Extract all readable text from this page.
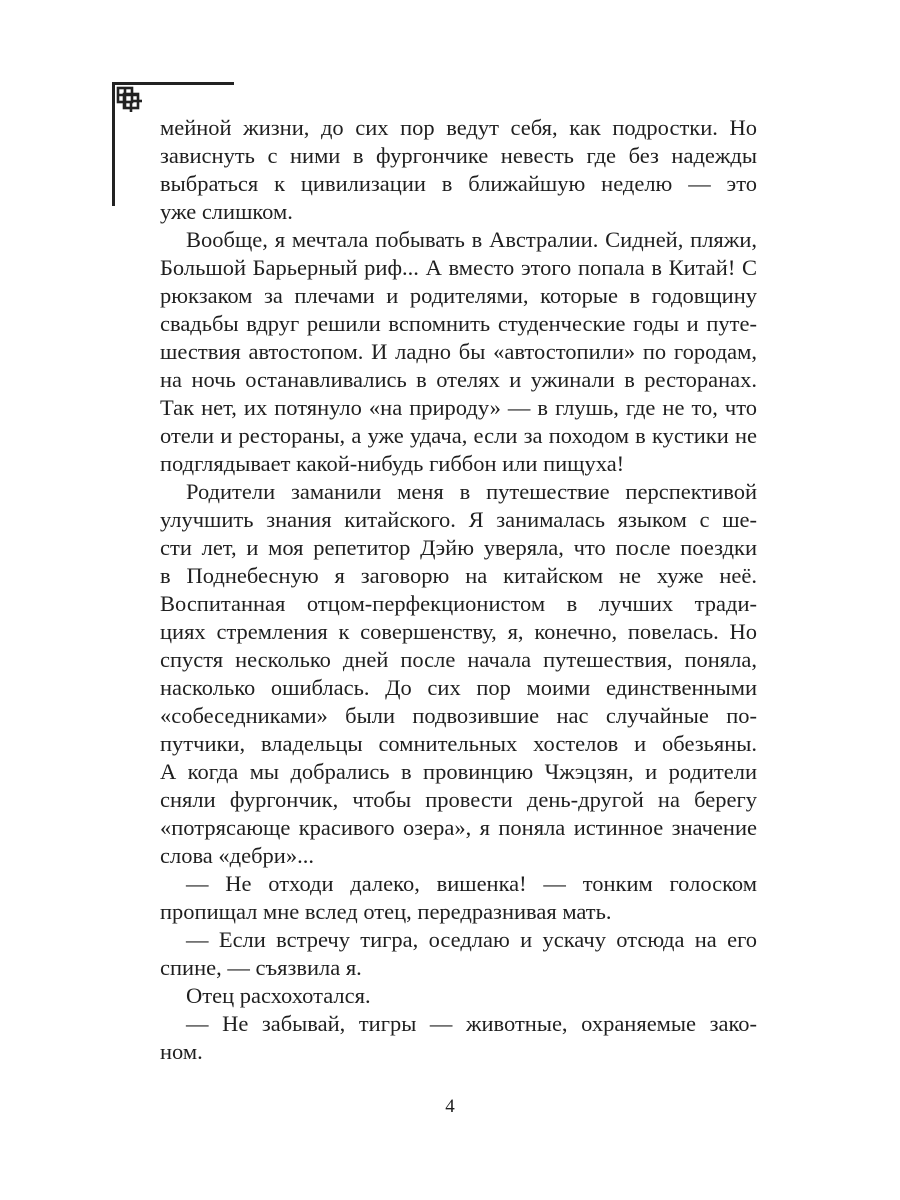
мейной жизни, до сих пор ведут себя, как подростки. Но
зависнуть с ними в фургончике невесть где без надежды
выбраться к цивилизации в ближайшую неделю — это
уже слишком.
Вообще, я мечтала побывать в Австралии. Сидней, пляжи,
Большой Барьерный риф... А вместо этого попала в Китай! С
рюкзаком за плечами и родителями, которые в годовщину
свадьбы вдруг решили вспомнить студенческие годы и путе-
шествия автостопом. И ладно бы «автостопили» по городам,
на ночь останавливались в отелях и ужинали в ресторанах.
Так нет, их потянуло «на природу» — в глушь, где не то, что
отели и рестораны, а уже удача, если за походом в кустики не
подглядывает какой-нибудь гиббон или пищуха!
Родители заманили меня в путешествие перспективой
улучшить знания китайского. Я занималась языком с ше-
сти лет, и моя репетитор Дэйю уверяла, что после поездки
в Поднебесную я заговорю на китайском не хуже неё.
Воспитанная отцом-перфекционистом в лучших тради-
циях стремления к совершенству, я, конечно, повелась. Но
спустя несколько дней после начала путешествия, поняла,
насколько ошиблась. До сих пор моими единственными
«собеседниками» были подвозившие нас случайные по-
путчики, владельцы сомнительных хостелов и обезьяны.
А когда мы добрались в провинцию Чжэцзян, и родители
сняли фургончик, чтобы провести день-другой на берегу
«потрясающе красивого озера», я поняла истинное значение
слова «дебри»...
— Не отходи далеко, вишенка! — тонким голоском
пропищал мне вслед отец, передразнивая мать.
— Если встречу тигра, оседлаю и ускачу отсюда на его
спине, — съязвила я.
Отец расхохотался.
— Не забывай, тигры — животные, охраняемые зако-
ном.
4
